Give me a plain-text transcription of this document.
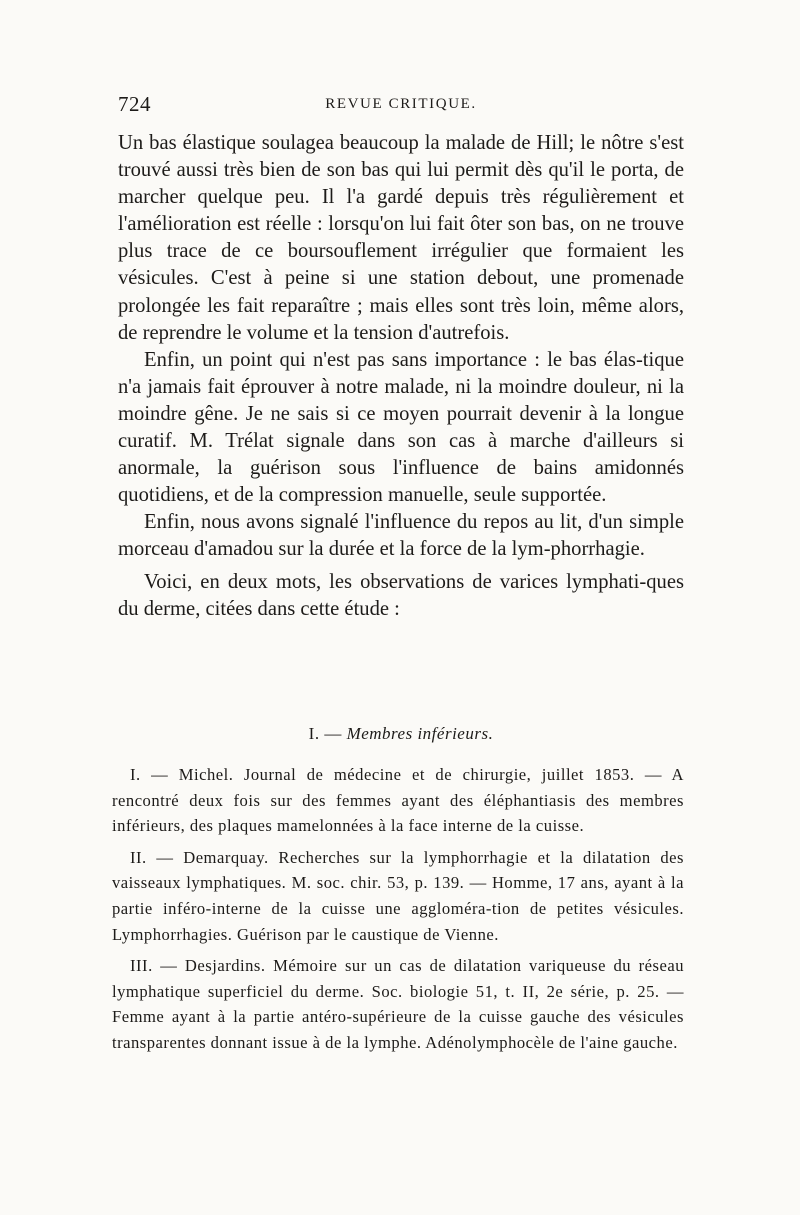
724	REVUE CRITIQUE.

Un bas élastique soulagea beaucoup la malade de Hill; le nôtre s'est trouvé aussi très bien de son bas qui lui permit dès qu'il le porta, de marcher quelque peu. Il l'a gardé depuis très régulièrement et l'amélioration est réelle : lorsqu'on lui fait ôter son bas, on ne trouve plus trace de ce boursouflement irrégulier que formaient les vésicules. C'est à peine si une station debout, une promenade prolongée les fait reparaître ; mais elles sont très loin, même alors, de reprendre le volume et la tension d'autrefois.

Enfin, un point qui n'est pas sans importance : le bas élas-tique n'a jamais fait éprouver à notre malade, ni la moindre douleur, ni la moindre gêne. Je ne sais si ce moyen pourrait devenir à la longue curatif. M. Trélat signale dans son cas à marche d'ailleurs si anormale, la guérison sous l'influence de bains amidonnés quotidiens, et de la compression manuelle, seule supportée.

Enfin, nous avons signalé l'influence du repos au lit, d'un simple morceau d'amadou sur la durée et la force de la lym-phorrhagie.

Voici, en deux mots, les observations de varices lymphati-ques du derme, citées dans cette étude :

I. — Membres inférieurs.

I. — Michel. Journal de médecine et de chirurgie, juillet 1853. — A rencontré deux fois sur des femmes ayant des éléphantiasis des membres inférieurs, des plaques mamelonnées à la face interne de la cuisse.

II. — Demarquay. Recherches sur la lymphorrhagie et la dilatation des vaisseaux lymphatiques. M. soc. chir. 53, p. 139. — Homme, 17 ans, ayant à la partie inféro-interne de la cuisse une aggloméra-tion de petites vésicules. Lymphorrhagies. Guérison par le caustique de Vienne.

III. — Desjardins. Mémoire sur un cas de dilatation variqueuse du réseau lymphatique superficiel du derme. Soc. biologie 51, t. II, 2e série, p. 25. — Femme ayant à la partie antéro-supérieure de la cuisse gauche des vésicules transparentes donnant issue à de la lymphe. Adénolymphocèle de l'aine gauche.
